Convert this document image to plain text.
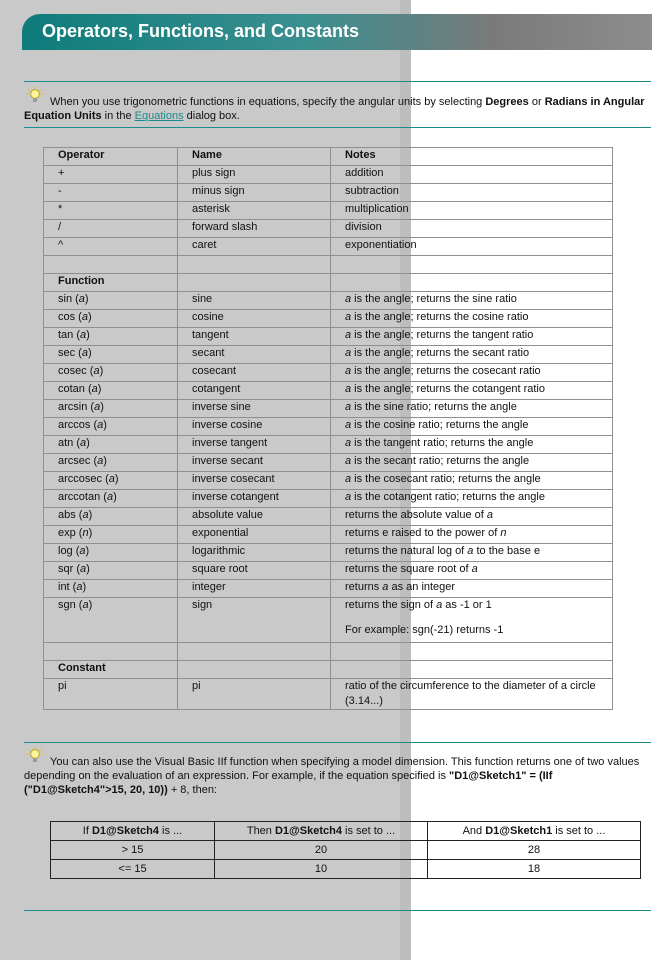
Operators, Functions, and Constants
When you use trigonometric functions in equations, specify the angular units by selecting Degrees or Radians in Angular Equation Units in the Equations dialog box.
Operator	Name	Notes
+	plus sign	addition
-	minus sign	subtraction
*	asterisk	multiplication
/	forward slash	division
^	caret	exponentiation

Function		
sin (a)	sine	a is the angle; returns the sine ratio
cos (a)	cosine	a is the angle; returns the cosine ratio
tan (a)	tangent	a is the angle; returns the tangent ratio
sec (a)	secant	a is the angle; returns the secant ratio
cosec (a)	cosecant	a is the angle; returns the cosecant ratio
cotan (a)	cotangent	a is the angle; returns the cotangent ratio
arcsin (a)	inverse sine	a is the sine ratio; returns the angle
arccos (a)	inverse cosine	a is the cosine ratio; returns the angle
atn (a)	inverse tangent	a is the tangent ratio; returns the angle
arcsec (a)	inverse secant	a is the secant ratio; returns the angle
arccosec (a)	inverse cosecant	a is the cosecant ratio; returns the angle
arccotan (a)	inverse cotangent	a is the cotangent ratio; returns the angle
abs (a)	absolute value	returns the absolute value of a
exp (n)	exponential	returns e raised to the power of n
log (a)	logarithmic	returns the natural log of a to the base e
sqr (a)	square root	returns the square root of a
int (a)	integer	returns a as an integer
sgn (a)	sign	returns the sign of a as -1 or 1
For example: sgn(-21) returns -1

Constant		
pi	pi	ratio of the circumference to the diameter of a circle (3.14...)
You can also use the Visual Basic IIf function when specifying a model dimension. This function returns one of two values depending on the evaluation of an expression. For example, if the equation specified is "D1@Sketch1" = (IIf ("D1@Sketch4">15, 20, 10)) + 8, then:
If D1@Sketch4 is ...	Then D1@Sketch4 is set to ...	And D1@Sketch1 is set to ...
> 15	20	28
<= 15	10	18
